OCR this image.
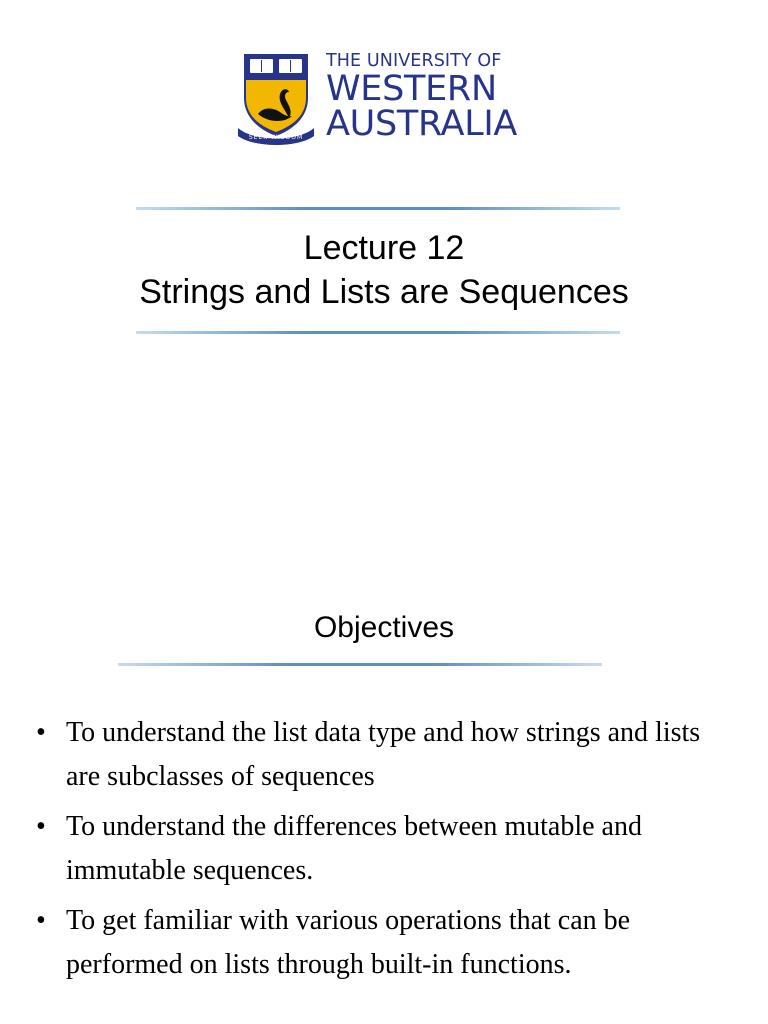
SEEK WISDOM
THE UNIVERSITY OF
WESTERN
AUSTRALIA
Lecture 12
Strings and Lists are Sequences
Objectives
• To understand the list data type and how strings and lists are subclasses of sequences
• To understand the differences between mutable and immutable sequences.
• To get familiar with various operations that can be performed on lists through built-in functions.
